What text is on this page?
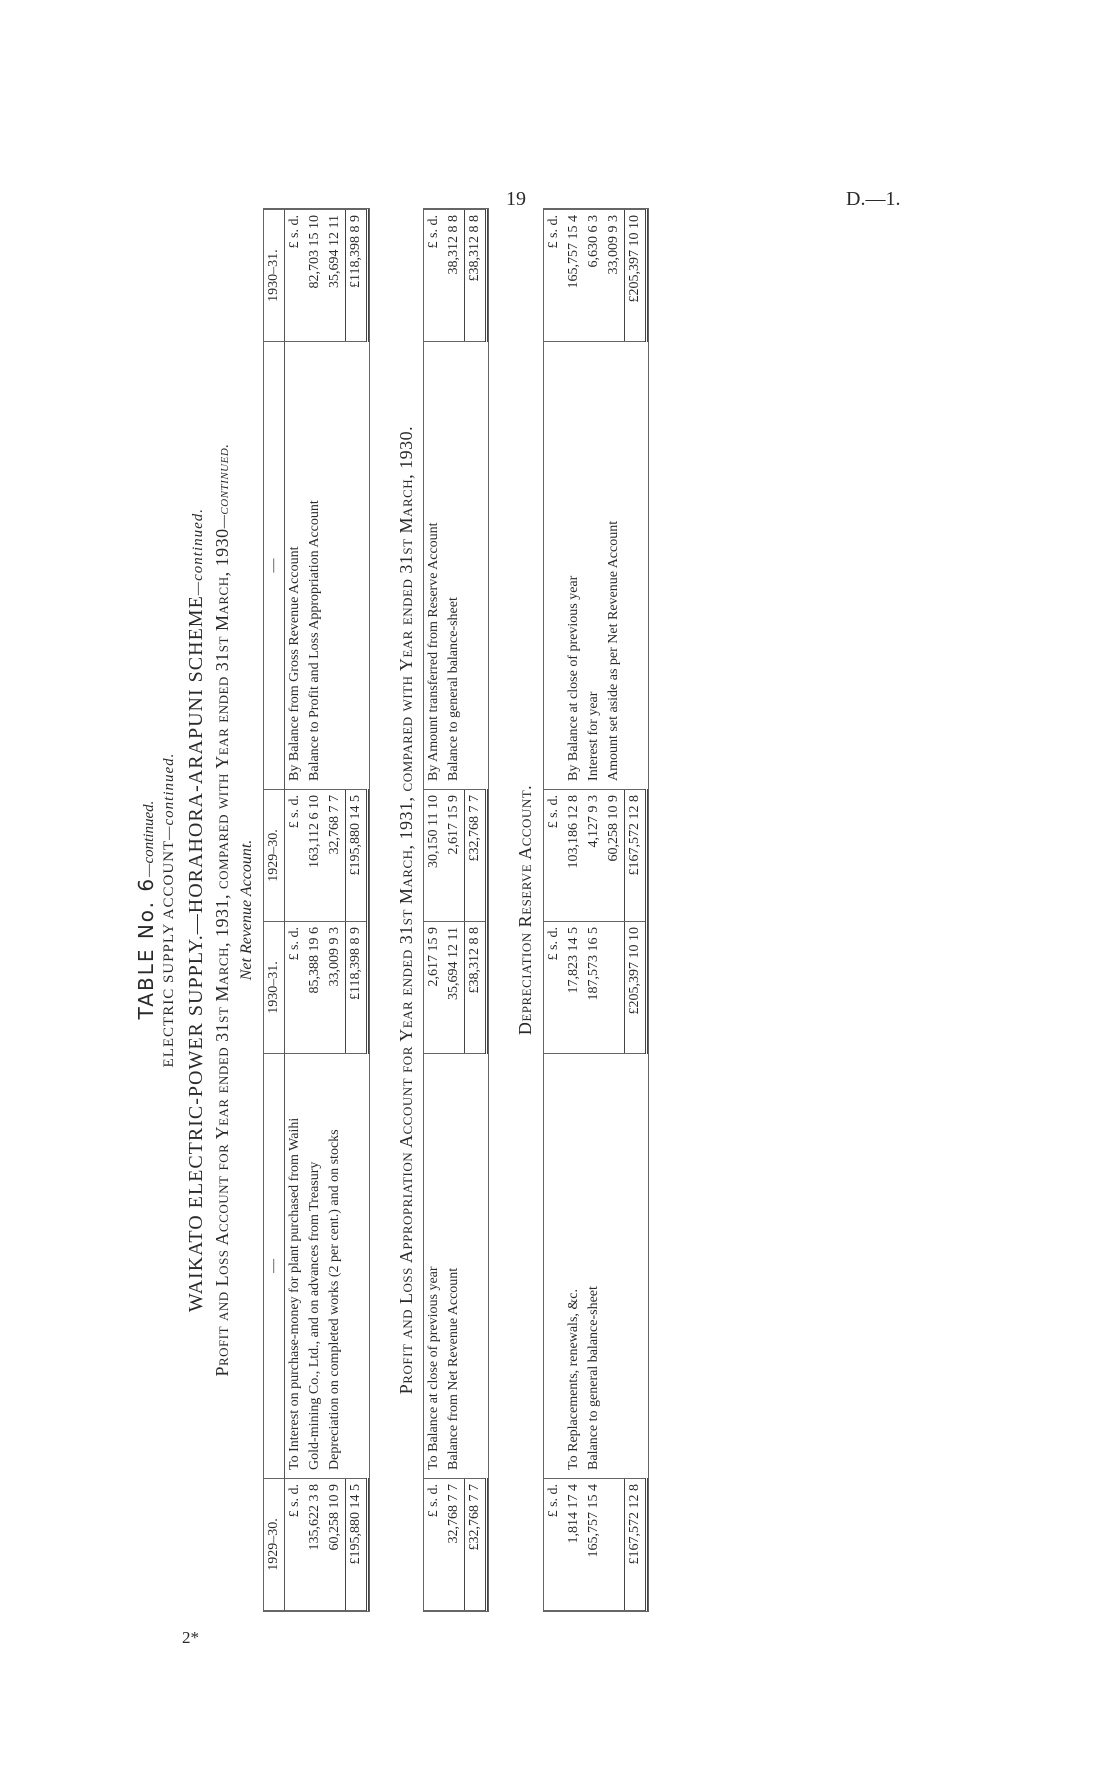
19	D.—1.
2*
TABLE No. 6—continued.
ELECTRIC SUPPLY ACCOUNT—continued. WAIKATO ELECTRIC-POWER SUPPLY.—HORAHORA-ARAPUNI SCHEME—continued. Profit and Loss Account for Year ended 31st March, 1931, compared with Year ended 31st March, 1930—continued.
Net Revenue Account.
1929–30.	—	1930–31.	1929–30.	—	1930–31.
£ s. d.	To Interest on purchase-money for plant purchased from Waihi	£ s. d.	£ s. d.	By Balance from Gross Revenue Account	£ s. d.
135,622 3 8	Gold-mining Co., Ltd., and on advances from Treasury	85,388 19 6	163,112 6 10	Balance to Profit and Loss Appropriation Account	82,703 15 10
60,258 10 9	Depreciation on completed works (2 per cent.) and on stocks	33,009 9 3	32,768 7 7		35,694 12 11
£195,880 14 5		£118,398 8 9	£195,880 14 5		£118,398 8 9
Profit and Loss Appropriation Account for Year ended 31st March, 1931, compared with Year ended 31st March, 1930.
£ s. d.	To Balance at close of previous year	2,617 15 9	30,150 11 10	By Amount transferred from Reserve Account	£ s. d.
32,768 7 7	Balance from Net Revenue Account	35,694 12 11	2,617 15 9	Balance to general balance-sheet	38,312 8 8
£32,768 7 7		£38,312 8 8	£32,768 7 7		£38,312 8 8
Depreciation Reserve Account.
£ s. d.		£ s. d.	£ s. d.		£ s. d.
1,814 17 4	To Replacements, renewals, &c.	17,823 14 5	103,186 12 8	By Balance at close of previous year	165,757 15 4
165,757 15 4	Balance to general balance-sheet	187,573 16 5	4,127 9 3	Interest for year	6,630 6 3
			60,258 10 9	Amount set aside as per Net Revenue Account	33,009 9 3
£167,572 12 8		£205,397 10 10	£167,572 12 8		£205,397 10 10
